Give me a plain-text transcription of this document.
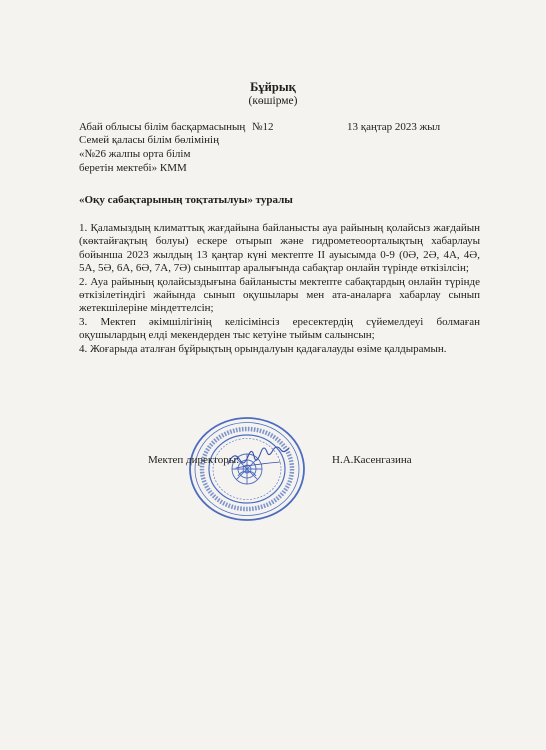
Бұйрық
(көшірме)
Абай облысы білім басқармасының №12	13 қаңтар 2023 жыл
Семей қаласы білім бөлімінің
«№26 жалпы орта білім
беретін мектебі» КММ
«Оқу сабақтарының тоқтатылуы» туралы

1. Қаламыздың климаттық жағдайына байланысты ауа райының қолайсыз жағдайын (көктайғақтың болуы) ескере отырып және гидрометеоорталықтың хабарлауы бойынша 2023 жылдың 13 қаңтар күні мектепте II ауысымда 0-9 (0Ә, 2Ә, 4А, 4Ә, 5А, 5Ә, 6А, 6Ә, 7А, 7Ә) сыныптар аралығында сабақтар онлайн түрінде өткізілсін;

2. Ауа райының қолайсыздығына байланысты мектепте сабақтардың онлайн түрінде өткізілетіндігі жайында сынып оқушылары мен ата-аналарға хабарлау сынып жетекшілеріне міндеттелсін;

3. Мектеп әкімшілігінің келісімінсіз ересектердің сүйемелдеуі болмаған оқушылардың елді мекендерден тыс кетуіне тыйым салынсын;

4. Жоғарыда аталған бұйрықтың орындалуын қадағалауды өзіме қалдырамын.

Мектеп директоры:	Н.А.Касенгазина
